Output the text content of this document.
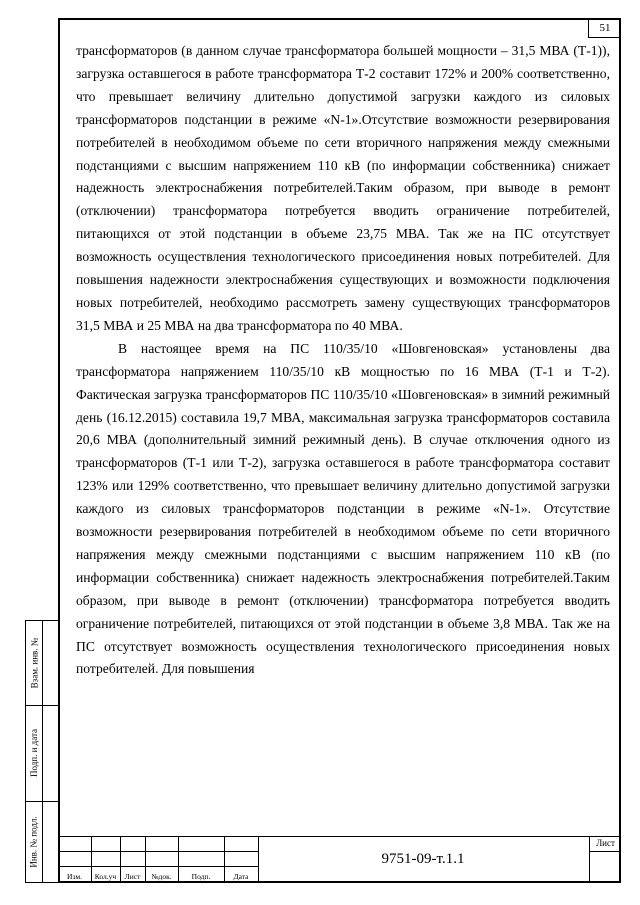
51

трансформаторов (в данном случае трансформатора большей мощности – 31,5 МВА (Т-1)), загрузка оставшегося в работе трансформатора Т-2 составит 172% и 200% соответственно, что превышает величину длительно допустимой загрузки каждого из силовых трансформаторов подстанции в режиме «N-1».Отсутствие возможности резервирования потребителей в необходимом объеме по сети вторичного напряжения между смежными подстанциями с высшим напряжением 110 кВ (по информации собственника) снижает надежность электроснабжения потребителей.Таким образом, при выводе в ремонт (отключении) трансформатора потребуется вводить ограничение потребителей, питающихся от этой подстанции в объеме 23,75 МВА. Так же на ПС отсутствует возможность осуществления технологического присоединения новых потребителей. Для повышения надежности электроснабжения существующих и возможности подключения новых потребителей, необходимо рассмотреть замену существующих трансформаторов 31,5 МВА и 25 МВА на два трансформатора по 40 МВА.

В настоящее время на ПС 110/35/10 «Шовгеновская» установлены два трансформатора напряжением 110/35/10 кВ мощностью по 16 МВА (Т-1 и Т-2). Фактическая загрузка трансформаторов ПС 110/35/10 «Шовгеновская» в зимний режимный день (16.12.2015) составила 19,7 МВА, максимальная загрузка трансформаторов составила 20,6 МВА (дополнительный зимний режимный день). В случае отключения одного из трансформаторов (Т-1 или Т-2), загрузка оставшегося в работе трансформатора составит 123% или 129% соответственно, что превышает величину длительно допустимой загрузки каждого из силовых трансформаторов подстанции в режиме «N-1». Отсутствие возможности резервирования потребителей в необходимом объеме по сети вторичного напряжения между смежными подстанциями с высшим напряжением 110 кВ (по информации собственника) снижает надежность электроснабжения потребителей.Таким образом, при выводе в ремонт (отключении) трансформатора потребуется вводить ограничение потребителей, питающихся от этой подстанции в объеме 3,8 МВА. Так же на ПС отсутствует возможность осуществления технологического присоединения новых потребителей. Для повышения

Взам. инв. №
Подп. и дата
Инв. № подл.
Изм.	Кол.уч	Лист	№док.	Подп.	Дата
9751-09-т.1.1
Лист
